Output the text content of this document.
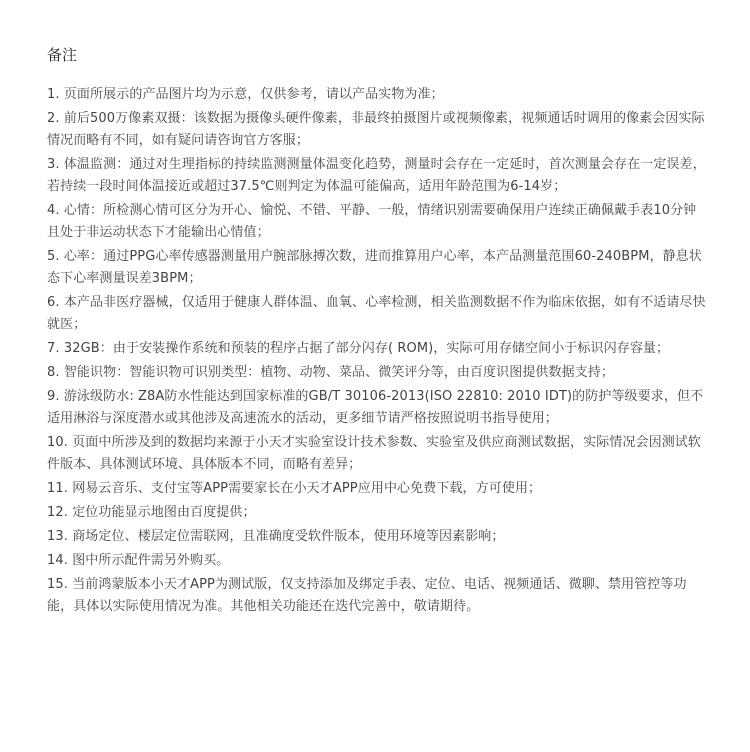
备注
1. 页面所展示的产品图片均为示意，仅供参考，请以产品实物为准；
2. 前后500万像素双摄：该数据为摄像头硬件像素，非最终拍摄图片或视频像素，视频通话时调用的像素会因实际情况而略有不同，如有疑问请咨询官方客服；
3. 体温监测：通过对生理指标的持续监测测量体温变化趋势，测量时会存在一定延时，首次测量会存在一定误差，若持续一段时间体温接近或超过37.5℃则判定为体温可能偏高，适用年龄范围为6-14岁；
4. 心情：所检测心情可区分为开心、愉悦、不错、平静、一般，情绪识别需要确保用户连续正确佩戴手表10分钟且处于非运动状态下才能输出心情值；
5. 心率：通过PPG心率传感器测量用户腕部脉搏次数，进而推算用户心率，本产品测量范围60-240BPM，静息状态下心率测量误差3BPM；
6. 本产品非医疗器械，仅适用于健康人群体温、血氧、心率检测，相关监测数据不作为临床依据，如有不适请尽快就医；
7. 32GB：由于安装操作系统和预装的程序占据了部分闪存( ROM)，实际可用存储空间小于标识闪存容量；
8. 智能识物：智能识物可识别类型：植物、动物、菜品、微笑评分等，由百度识图提供数据支持；
9. 游泳级防水: Z8A防水性能达到国家标准的GB/T 30106-2013(ISO 22810: 2010 IDT)的防护等级要求，但不适用淋浴与深度潜水或其他涉及高速流水的活动，更多细节请严格按照说明书指导使用；
10. 页面中所涉及到的数据均来源于小天才实验室设计技术参数、实验室及供应商测试数据，实际情况会因测试软件版本、具体测试环境、具体版本不同，而略有差异；
11. 网易云音乐、支付宝等APP需要家长在小天才APP应用中心免费下载，方可使用；
12. 定位功能显示地图由百度提供；
13. 商场定位、楼层定位需联网，且准确度受软件版本，使用环境等因素影响；
14. 图中所示配件需另外购买。
15. 当前鸿蒙版本小天才APP为测试版，仅支持添加及绑定手表、定位、电话、视频通话、微聊、禁用管控等功能，具体以实际使用情况为准。其他相关功能还在迭代完善中，敬请期待。
